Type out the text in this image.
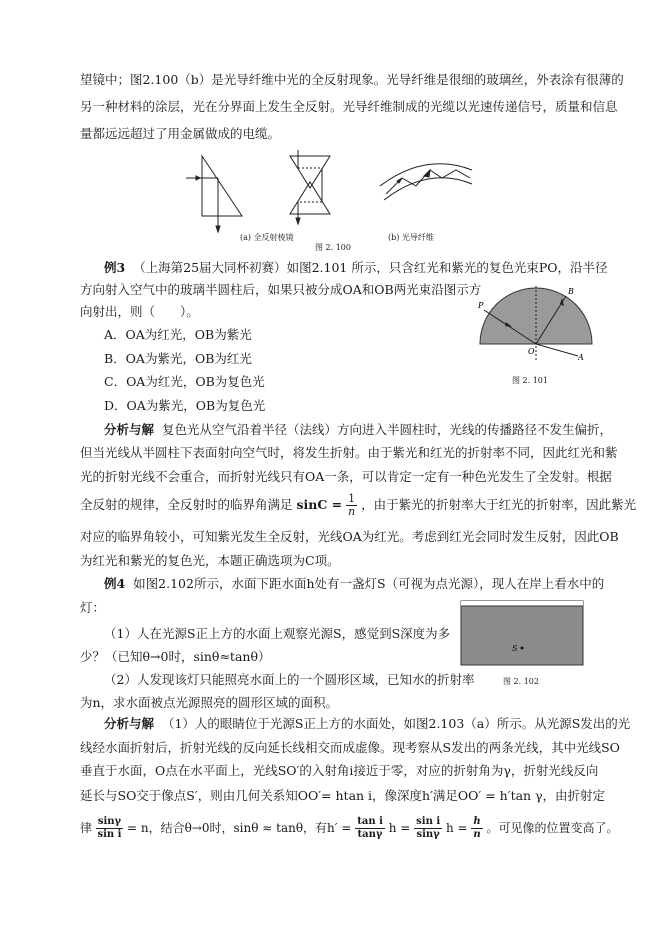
望镜中；图2.100（b）是光导纤维中光的全反射现象。光导纤维是很细的玻璃丝，外表涂有很薄的
另一种材料的涂层，光在分界面上发生全反射。光导纤维制成的光缆以光速传递信号，质量和信息
量都远远超过了用金属做成的电缆。
(a) 全反射棱镜	(b) 光导纤维
图 2. 100
例3 （上海第25届大同杯初赛）如图2.101 所示，只含红光和紫光的复色光束PO，沿半径
方向射入空气中的玻璃半圆柱后，如果只被分成OA和OB两光束沿图示方
向射出，则（　　）。
A．OA为红光，OB为紫光
B．OA为紫光，OB为红光
C．OA为红光，OB为复色光
D．OA为紫光，OB为复色光
P
B
O
A
图 2. 101
分析与解 复色光从空气沿着半径（法线）方向进入半圆柱时，光线的传播路径不发生偏折，
但当光线从半圆柱下表面射向空气时，将发生折射。由于紫光和红光的折射率不同，因此红光和紫
光的折射光线不会重合，而折射光线只有OA一条，可以肯定一定有一种色光发生了全发射。根据
全反射的规律，全反射时的临界角满足 $\sin C = \frac{1}{n}$ ，由于紫光的折射率大于红光的折射率，因此紫光
对应的临界角较小，可知紫光发生全反射，光线OA为红光。考虑到红光会同时发生反射，因此OB
为红光和紫光的复色光，本题正确选项为C项。
例4 如图2.102所示，水面下距水面h处有一盏灯S（可视为点光源），现人在岸上看水中的
灯：
（1）人在光源S正上方的水面上观察光源S，感觉到S深度为多
少？（已知θ→0时，sinθ≈tanθ）
（2）人发现该灯只能照亮水面上的一个圆形区域，已知水的折射率
为n，求水面被点光源照亮的圆形区域的面积。
S
图 2. 102
分析与解 （1）人的眼睛位于光源S正上方的水面处，如图2.103（a）所示。从光源S发出的光
线经水面折射后，折射光线的反向延长线相交而成虚像。现考察从S发出的两条光线，其中光线SO
垂直于水面，O点在水平面上，光线SO′的入射角i接近于零，对应的折射角为γ，折射光线反向
延长与SO交于像点S′，则由几何关系知OO′= htan i，像深度h′满足OO′ = h′tan γ，由折射定
律 $\frac{\sin\gamma}{\text{sin i}} = n$，结合θ→0时，sinθ ≈ tanθ，有$h' = \frac{\text{tan i}}{\tan\gamma}$ $h = \frac{\text{sin i}}{\sin\gamma}$ $h = \frac{h}{n}$ 。可见像的位置变高了。
